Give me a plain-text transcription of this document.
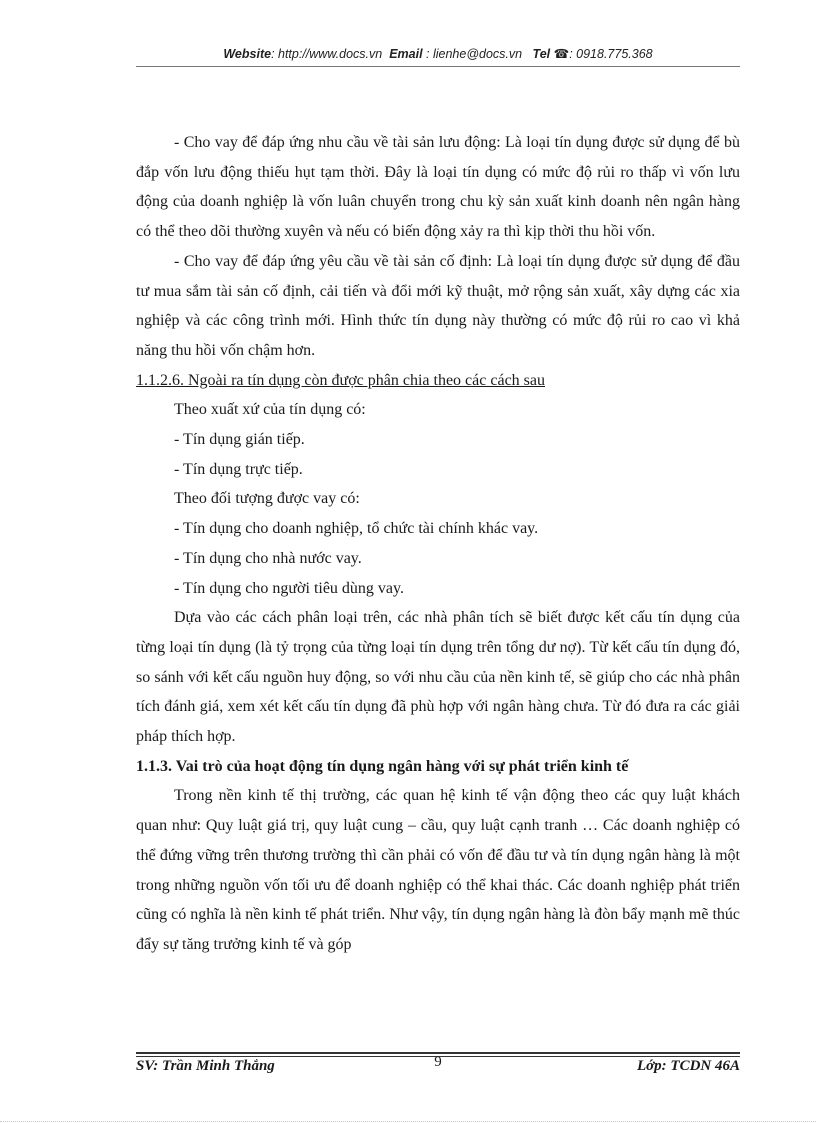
Website: http://www.docs.vn Email : lienhe@docs.vn Tel ☎: 0918.775.368

- Cho vay để đáp ứng nhu cầu về tài sản lưu động: Là loại tín dụng được sử dụng để bù đắp vốn lưu động thiếu hụt tạm thời. Đây là loại tín dụng có mức độ rủi ro thấp vì vốn lưu động của doanh nghiệp là vốn luân chuyển trong chu kỳ sản xuất kinh doanh nên ngân hàng có thể theo dõi thường xuyên và nếu có biến động xảy ra thì kịp thời thu hồi vốn.

- Cho vay để đáp ứng yêu cầu về tài sản cố định: Là loại tín dụng được sử dụng để đầu tư mua sắm tài sản cố định, cải tiến và đổi mới kỹ thuật, mở rộng sản xuất, xây dựng các xia nghiệp và các công trình mới. Hình thức tín dụng này thường có mức độ rủi ro cao vì khả năng thu hồi vốn chậm hơn.

1.1.2.6. Ngoài ra tín dụng còn được phân chia theo các cách sau

Theo xuất xứ của tín dụng có:

- Tín dụng gián tiếp.

- Tín dụng trực tiếp.

Theo đối tượng được vay có:

- Tín dụng cho doanh nghiệp, tổ chức tài chính khác vay.

- Tín dụng cho nhà nước vay.

- Tín dụng cho người tiêu dùng vay.

Dựa vào các cách phân loại trên, các nhà phân tích sẽ biết được kết cấu tín dụng của từng loại tín dụng (là tỷ trọng của từng loại tín dụng trên tổng dư nợ). Từ kết cấu tín dụng đó, so sánh với kết cấu nguồn huy động, so với nhu cầu của nền kinh tế, sẽ giúp cho các nhà phân tích đánh giá, xem xét kết cấu tín dụng đã phù hợp với ngân hàng chưa. Từ đó đưa ra các giải pháp thích hợp.

1.1.3. Vai trò của hoạt động tín dụng ngân hàng với sự phát triển kinh tế

Trong nền kinh tế thị trường, các quan hệ kinh tế vận động theo các quy luật khách quan như: Quy luật giá trị, quy luật cung – cầu, quy luật cạnh tranh … Các doanh nghiệp có thể đứng vững trên thương trường thì cần phải có vốn để đầu tư và tín dụng ngân hàng là một trong những nguồn vốn tối ưu để doanh nghiệp có thể khai thác. Các doanh nghiệp phát triển cũng có nghĩa là nền kinh tế phát triển. Như vậy, tín dụng ngân hàng là đòn bẩy mạnh mẽ thúc đẩy sự tăng trưởng kinh tế và góp

SV: Trần Minh Thắng	9	Lớp: TCDN 46A
